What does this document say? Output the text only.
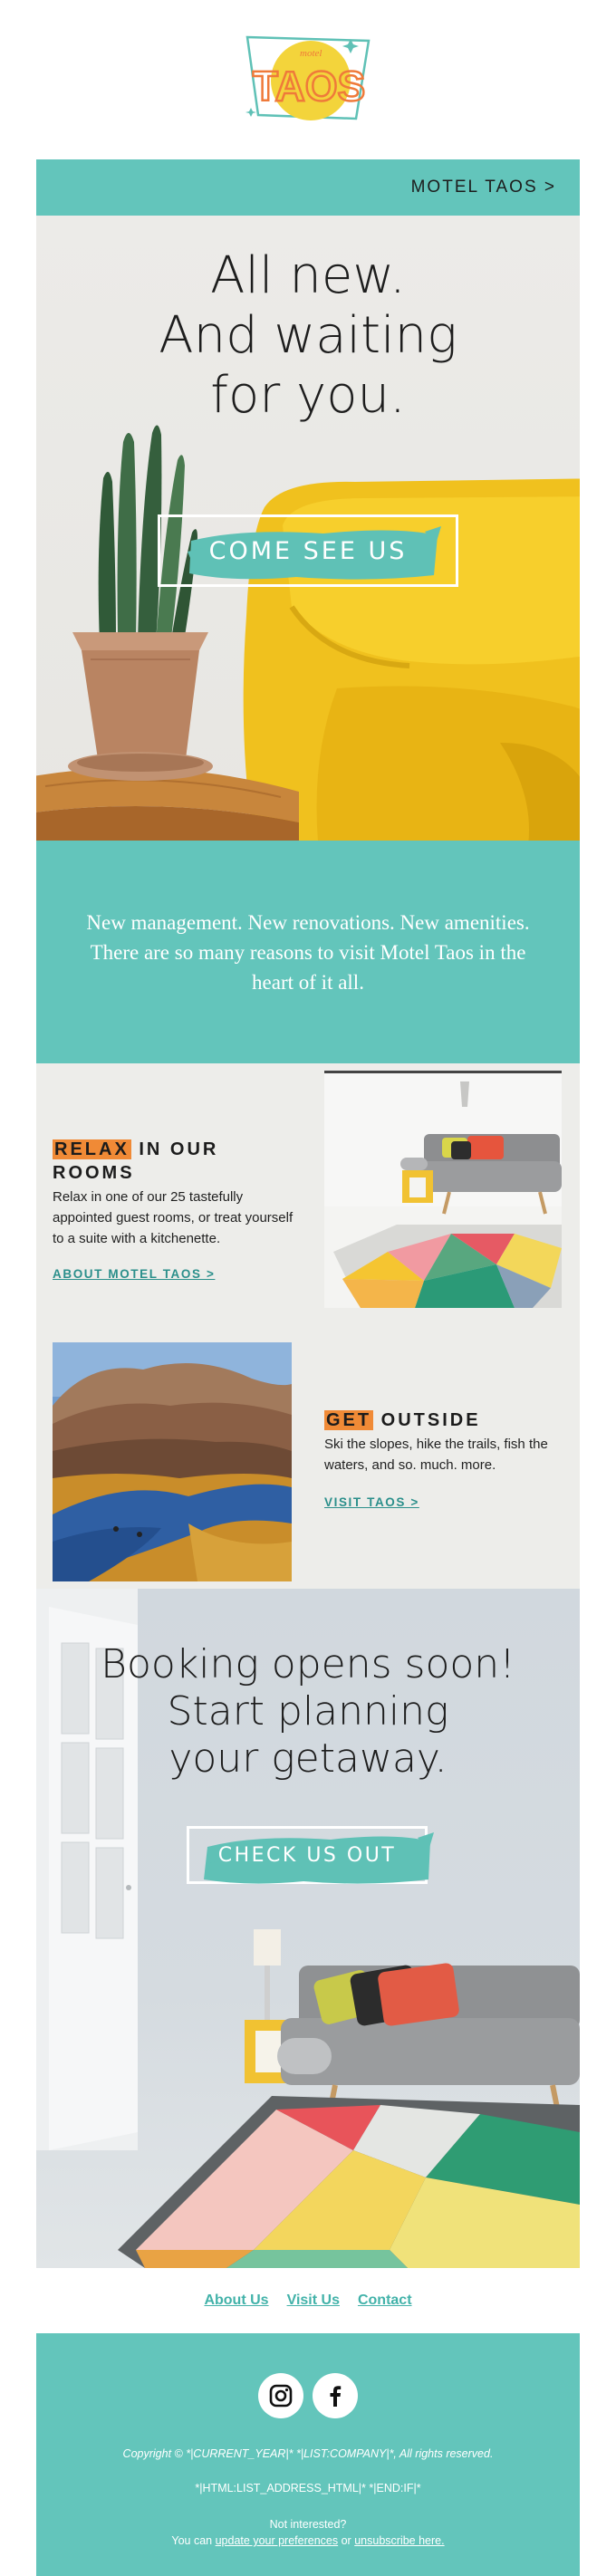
motel
TAOS
MOTEL TAOS >
All new.
And waiting
for you.
COME SEE US

New management. New renovations. New amenities. There are so many reasons to visit Motel Taos in the heart of it all.

RELAX IN OUR ROOMS

Relax in one of our 25 tastefully appointed guest rooms, or treat yourself to a suite with a kitchenette.

ABOUT MOTEL TAOS >
GET OUTSIDE

Ski the slopes, hike the trails, fish the waters, and so. much. more.

VISIT TAOS >
Booking opens soon!
Start planning
your getaway.
CHECK US OUT
About Us Visit Us Contact

Copyright © *|CURRENT_YEAR|* *|LIST:COMPANY|*, All rights reserved.

*|HTML:LIST_ADDRESS_HTML|* *|END:IF|*

Not interested?
You can update your preferences or unsubscribe here.
